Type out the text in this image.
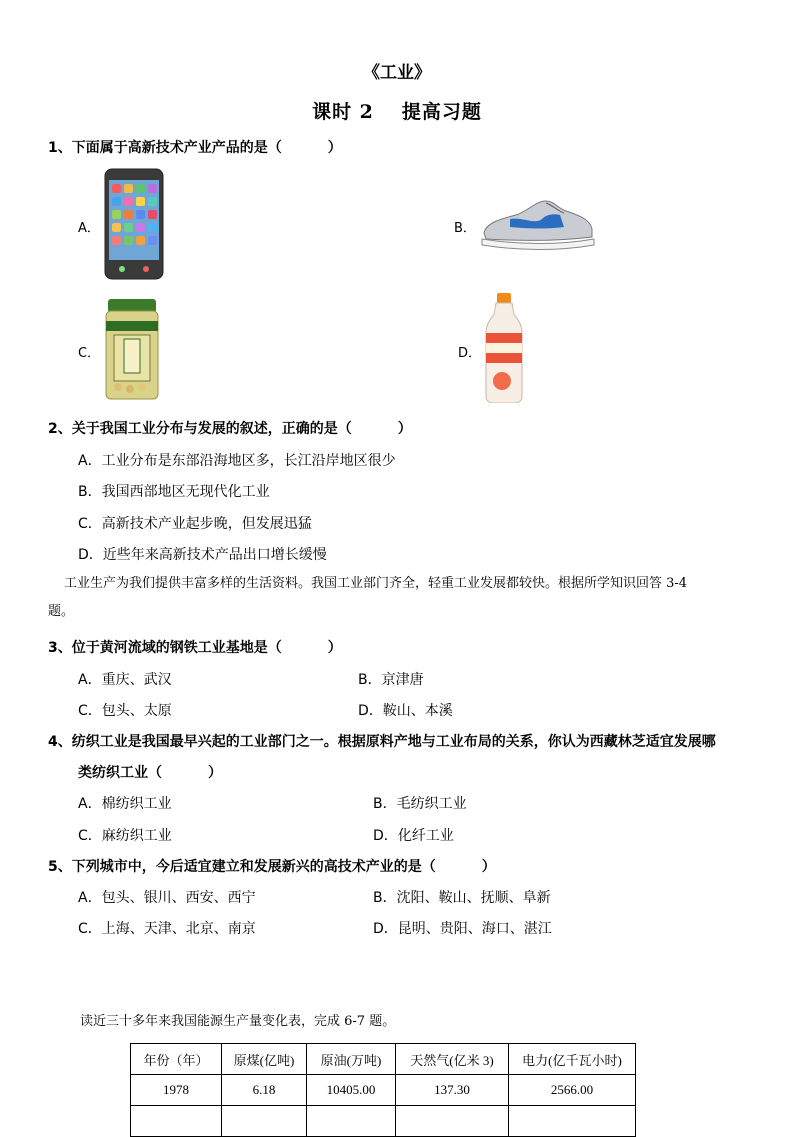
《工业》
课时 2 提高习题
1、下面属于高新技术产业产品的是（	）
A．	B．
C．	D．
2、关于我国工业分布与发展的叙述，正确的是（	）
A．工业分布是东部沿海地区多，长江沿岸地区很少
B．我国西部地区无现代化工业
C．高新技术产业起步晚，但发展迅猛
D．近些年来高新技术产品出口增长缓慢
工业生产为我们提供丰富多样的生活资料。我国工业部门齐全，轻重工业发展都较快。根据所学知识回答 3-4
题。
3、位于黄河流域的钢铁工业基地是（	）
A．重庆、武汉	B．京津唐
C．包头、太原	D．鞍山、本溪
4、纺织工业是我国最早兴起的工业部门之一。根据原料产地与工业布局的关系，你认为西藏林芝适宜发展哪
类纺织工业（	）
A．棉纺织工业	B．毛纺织工业
C．麻纺织工业	D．化纤工业
5、下列城市中，今后适宜建立和发展新兴的高技术产业的是（	）
A．包头、银川、西安、西宁	B．沈阳、鞍山、抚顺、阜新
C．上海、天津、北京、南京	D．昆明、贵阳、海口、湛江
读近三十多年来我国能源生产量变化表，完成 6-7 题。
年份（年）	原煤(亿吨)	原油(万吨)	天然气(亿米 3)	电力(亿千瓦小时)
1978	6.18	10405.00	137.30	2566.00
